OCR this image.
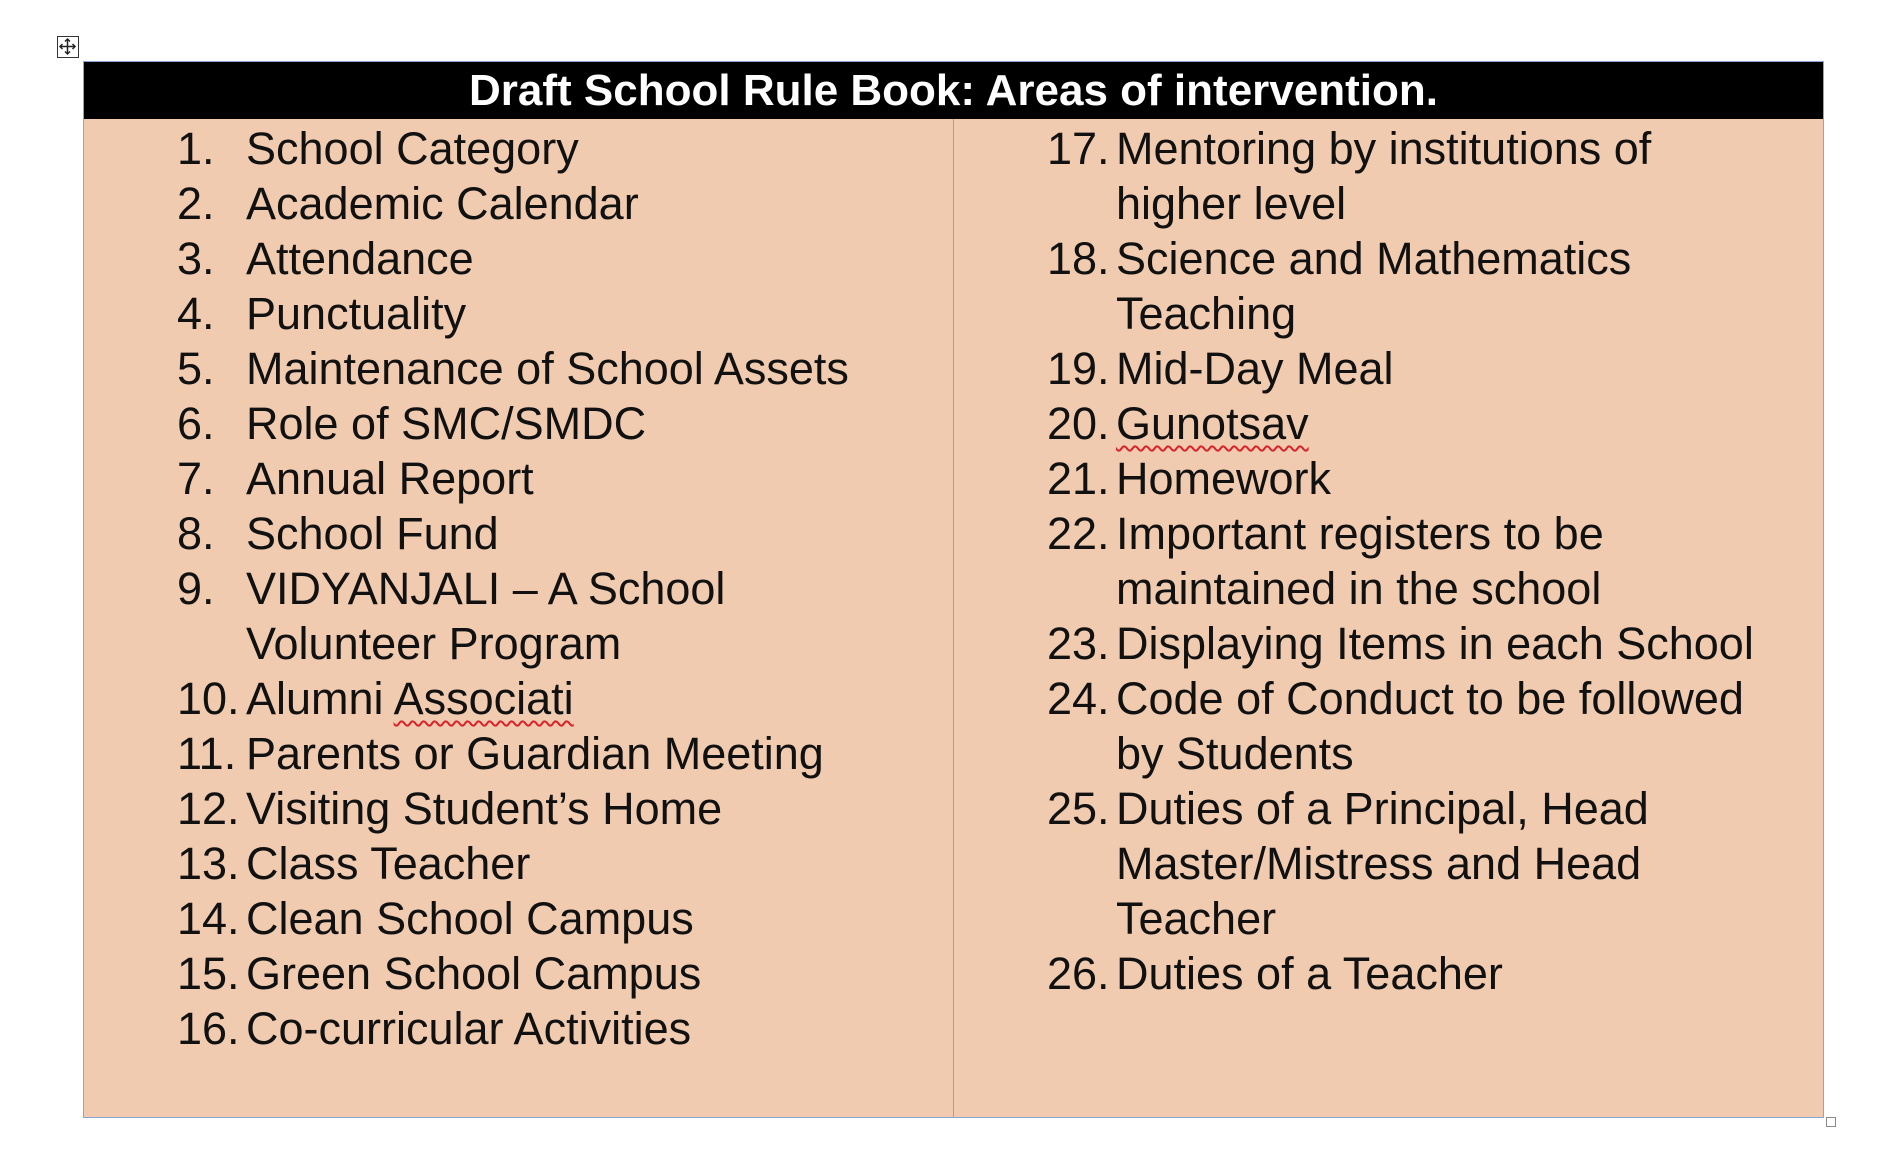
Draft School Rule Book: Areas of intervention.
1. School Category
2. Academic Calendar
3. Attendance
4. Punctuality
5. Maintenance of School Assets
6. Role of SMC/SMDC
7. Annual Report
8. School Fund
9. VIDYANJALI – A School
Volunteer Program
10. Alumni Associati
11. Parents or Guardian Meeting
12. Visiting Student’s Home
13. Class Teacher
14. Clean School Campus
15. Green School Campus
16. Co-curricular Activities
17. Mentoring by institutions of
higher level
18. Science and Mathematics
Teaching
19. Mid-Day Meal
20. Gunotsav
21. Homework
22. Important registers to be
maintained in the school
23. Displaying Items in each School
24. Code of Conduct to be followed
by Students
25. Duties of a Principal, Head
Master/Mistress and Head
Teacher
26. Duties of a Teacher
